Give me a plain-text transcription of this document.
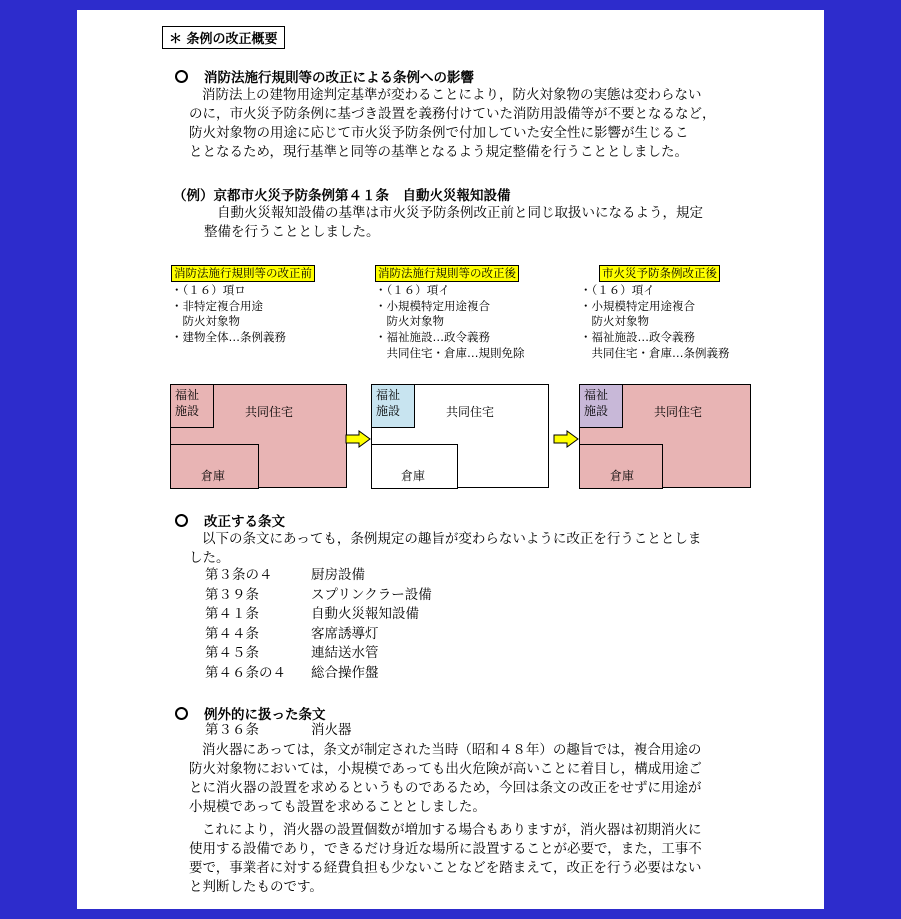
＊ 条例の改正概要
消防法施行規則等の改正による条例への影響
消防法上の建物用途判定基準が変わることにより，防火対象物の実態は変わらない
のに，市火災予防条例に基づき設置を義務付けていた消防用設備等が不要となるなど，
防火対象物の用途に応じて市火災予防条例で付加していた安全性に影響が生じるこ
ととなるため，現行基準と同等の基準となるよう規定整備を行うこととしました。
（例）京都市火災予防条例第４１条　自動火災報知設備
自動火災報知設備の基準は市火災予防条例改正前と同じ取扱いになるよう，規定
整備を行うこととしました。
消防法施行規則等の改正前	消防法施行規則等の改正後	市火災予防条例改正後
・（１６）項ロ
・非特定複合用途
　防火対象物
・建物全体…条例義務
・（１６）項イ
・小規模特定用途複合
　防火対象物
・福祉施設…政令義務
　共同住宅・倉庫…規則免除
・（１６）項イ
・小規模特定用途複合
　防火対象物
・福祉施設…政令義務
　共同住宅・倉庫…条例義務
福祉
施設	共同住宅
倉庫
福祉
施設	共同住宅
倉庫
福祉
施設	共同住宅
倉庫
改正する条文
以下の条文にあっても，条例規定の趣旨が変わらないように改正を行うこととしま
した。
第３条の４	厨房設備
第３９条	スプリンクラー設備
第４１条	自動火災報知設備
第４４条	客席誘導灯
第４５条	連結送水管
第４６条の４ 総合操作盤
例外的に扱った条文
第３６条	消火器
消火器にあっては，条文が制定された当時（昭和４８年）の趣旨では，複合用途の
防火対象物においては，小規模であっても出火危険が高いことに着目し，構成用途ご
とに消火器の設置を求めるというものであるため，今回は条文の改正をせずに用途が
小規模であっても設置を求めることとしました。
これにより，消火器の設置個数が増加する場合もありますが，消火器は初期消火に
使用する設備であり，できるだけ身近な場所に設置することが必要で，また，工事不
要で，事業者に対する経費負担も少ないことなどを踏まえて，改正を行う必要はない
と判断したものです。
